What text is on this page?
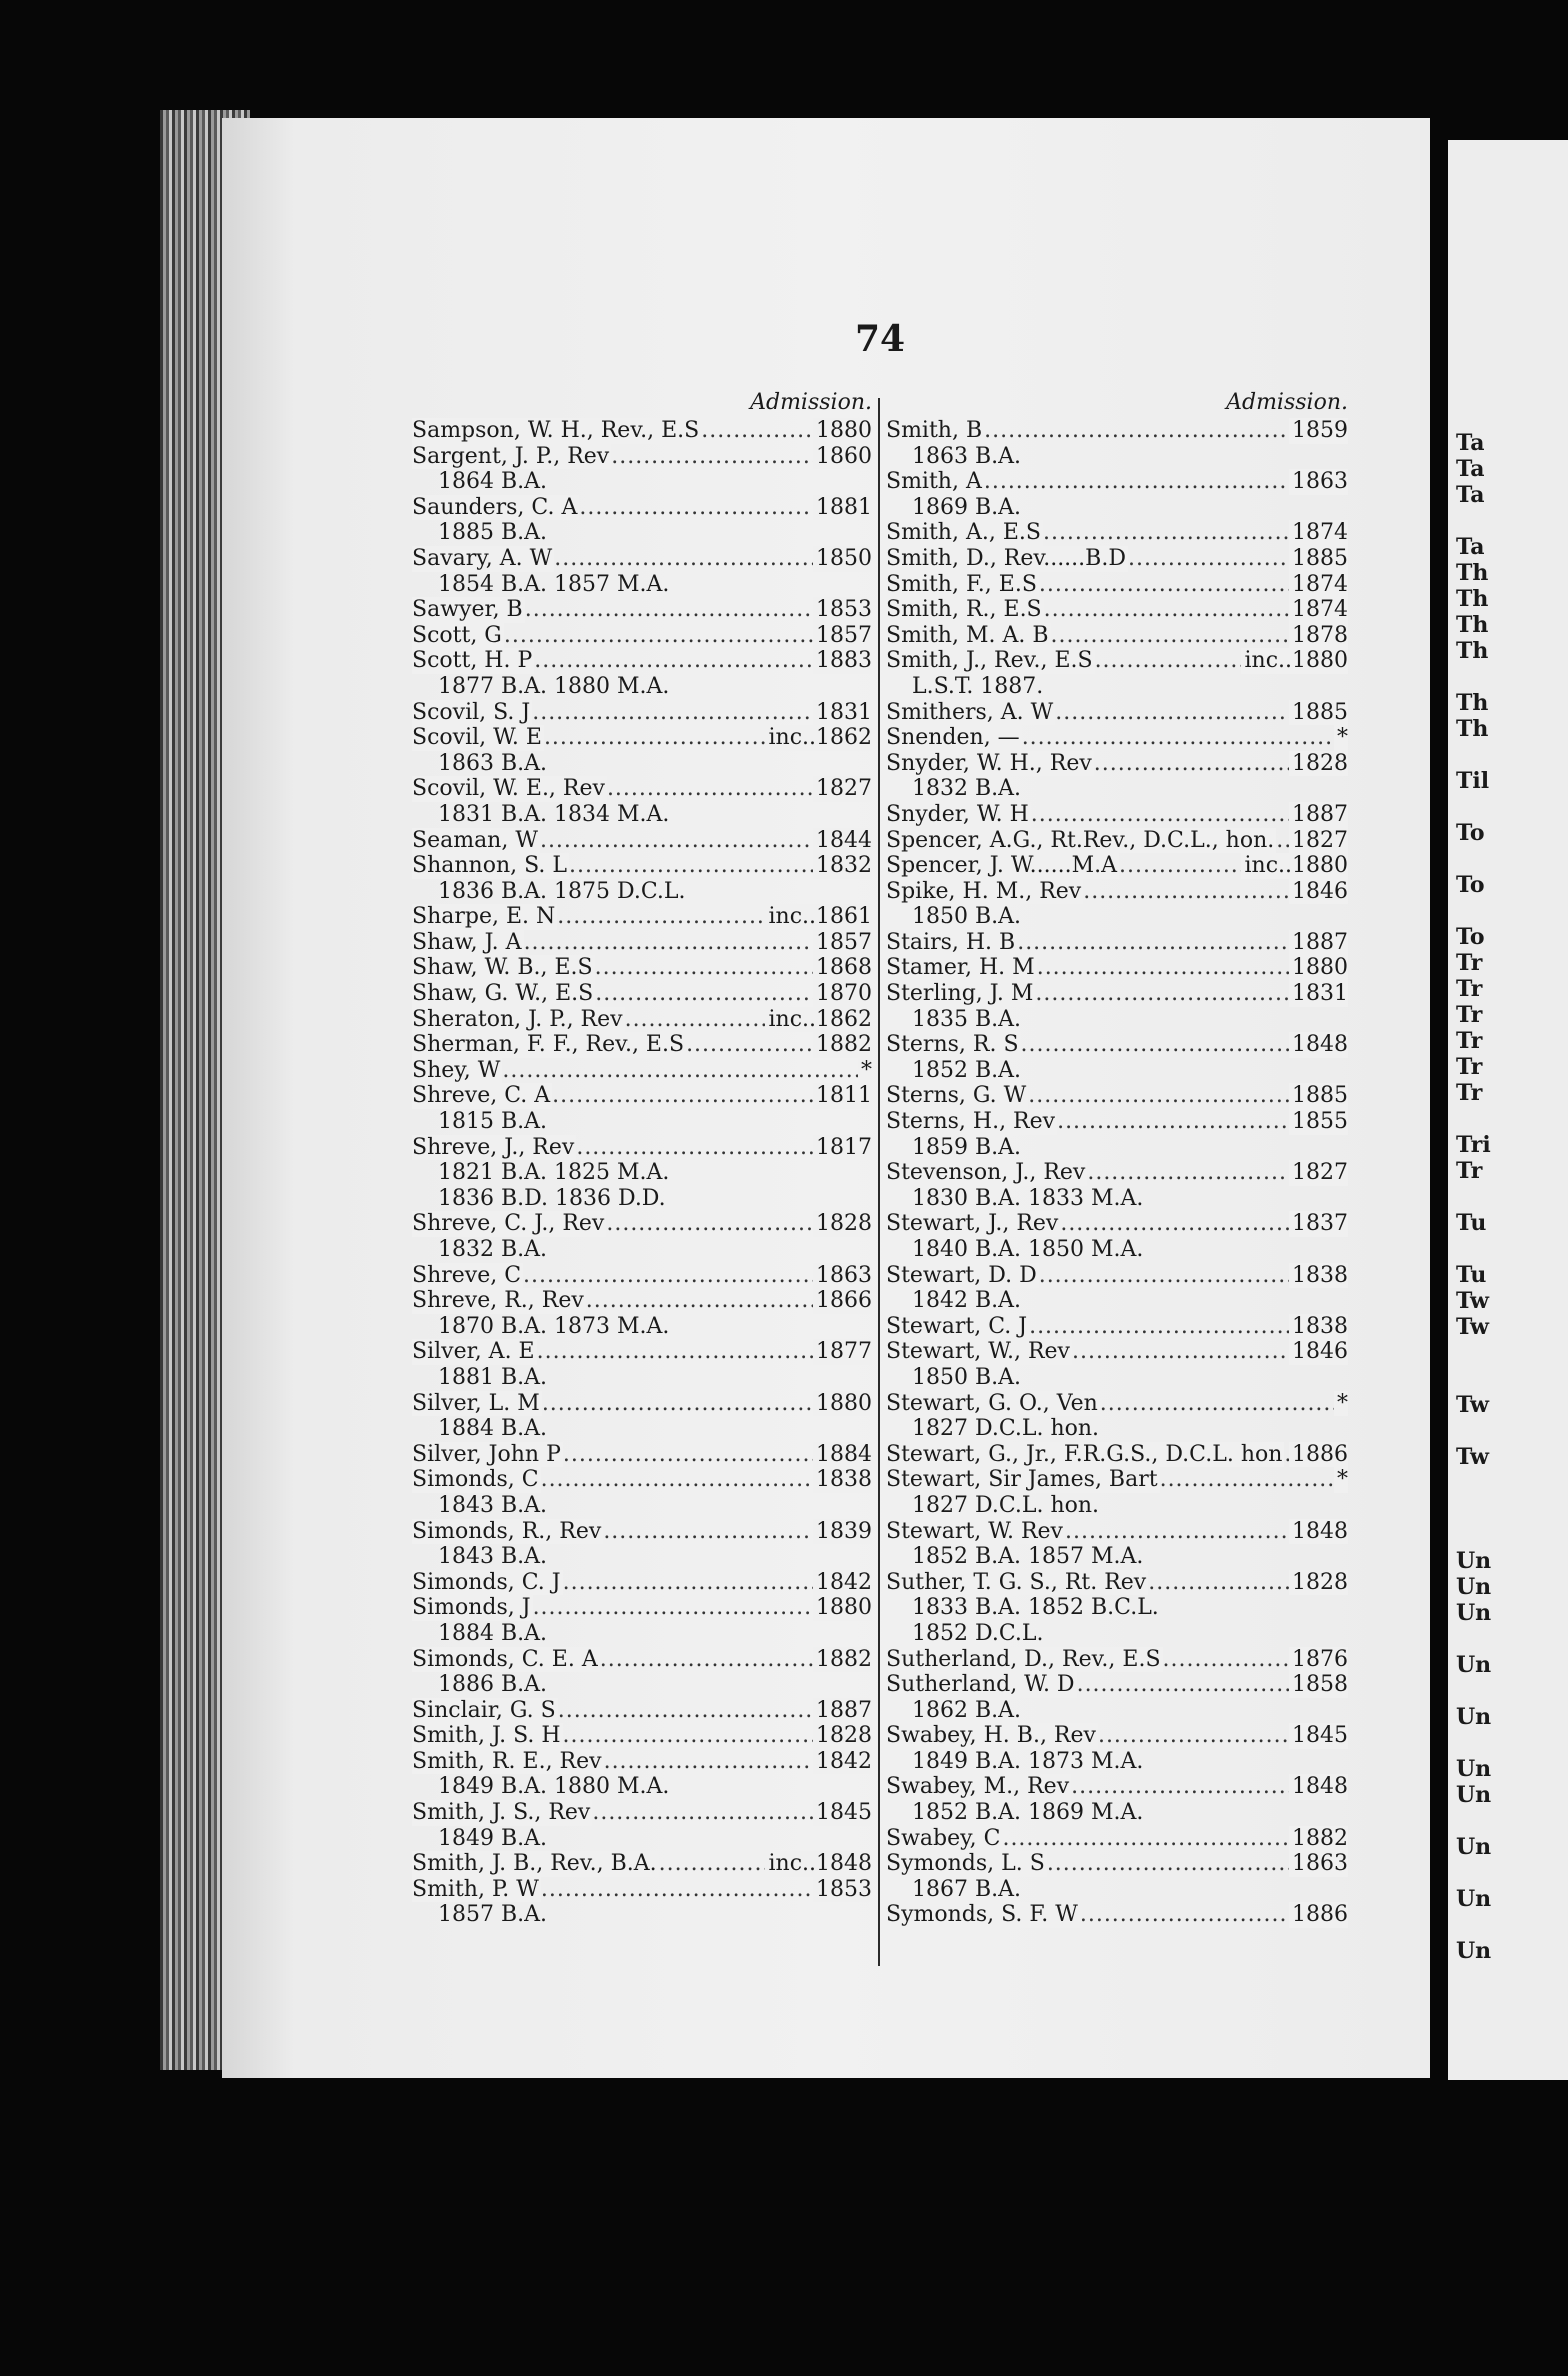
Ta
Ta
Ta
Ta
Th
Th
Th
Th
Th
Th
Til
To
To
To
Tr
Tr
Tr
Tr
Tr
Tr
Tri
Tr
Tu
Tu
Tw
Tw
Tw
Tw
Un
Un
Un
Un
Un
Un
Un
Un
Un
Un
74
Admission.
Sampson, W. H., Rev., E.S . . .	1880
Sargent, J. P., Rev . . .	1860
1864 B.A.
Saunders, C. A . . .	1881
1885 B.A.
Savary, A. W . . .	1850
1854 B.A. 1857 M.A.
Sawyer, B . . .	1853
Scott, G . . .	1857
Scott, H. P . . .	1883
1877 B.A. 1880 M.A.
Scovil, S. J . . .	1831
Scovil, W. E . . .	inc..1862
1863 B.A.
Scovil, W. E., Rev . . .	1827
1831 B.A. 1834 M.A.
Seaman, W . . .	1844
Shannon, S. L . . .	1832
1836 B.A. 1875 D.C.L.
Sharpe, E. N . . .	inc..1861
Shaw, J. A . . .	1857
Shaw, W. B., E.S . . .	1868
Shaw, G. W., E.S . . .	1870
Sheraton, J. P., Rev . . .	inc..1862
Sherman, F. F., Rev., E.S . . .	1882
Shey, W . . .	*
Shreve, C. A . . .	1811
1815 B.A.
Shreve, J., Rev . . .	1817
1821 B.A. 1825 M.A.
1836 B.D. 1836 D.D.
Shreve, C. J., Rev . . .	1828
1832 B.A.
Shreve, C . . .	1863
Shreve, R., Rev . . .	1866
1870 B.A. 1873 M.A.
Silver, A. E . . .	1877
1881 B.A.
Silver, L. M . . .	1880
1884 B.A.
Silver, John P . . .	1884
Simonds, C . . .	1838
1843 B.A.
Simonds, R., Rev . . .	1839
1843 B.A.
Simonds, C. J . . .	1842
Simonds, J . . .	1880
1884 B.A.
Simonds, C. E. A . . .	1882
1886 B.A.
Sinclair, G. S . . .	1887
Smith, J. S. H . . .	1828
Smith, R. E., Rev . . .	1842
1849 B.A. 1880 M.A.
Smith, J. S., Rev . . .	1845
1849 B.A.
Smith, J. B., Rev., B.A. . . .	inc..1848
Smith, P. W . . .	1853
1857 B.A.
Admission.
Smith, B . . .	1859
1863 B.A.
Smith, A . . .	1863
1869 B.A.
Smith, A., E.S . . .	1874
Smith, D., Rev......B.D . . .	1885
Smith, F., E.S . . .	1874
Smith, R., E.S . . .	1874
Smith, M. A. B . . .	1878
Smith, J., Rev., E.S . . .	inc..1880
L.S.T. 1887.
Smithers, A. W . . .	1885
Snenden, — . . .	*
Snyder, W. H., Rev . . .	1828
1832 B.A.
Snyder, W. H . . .	1887
Spencer, A.G., Rt.Rev., D.C.L., hon. . . . 1827
Spencer, J. W......M.A . . .	inc..1880
Spike, H. M., Rev . . .	1846
1850 B.A.
Stairs, H. B . . .	1887
Stamer, H. M . . .	1880
Sterling, J. M . . .	1831
1835 B.A.
Sterns, R. S . . .	1848
1852 B.A.
Sterns, G. W . . .	1885
Sterns, H., Rev . . .	1855
1859 B.A.
Stevenson, J., Rev . . .	1827
1830 B.A. 1833 M.A.
Stewart, J., Rev . . .	1837
1840 B.A. 1850 M.A.
Stewart, D. D . . .	1838
1842 B.A.
Stewart, C. J . . .	1838
Stewart, W., Rev . . .	1846
1850 B.A.
Stewart, G. O., Ven . . .	*
1827 D.C.L. hon.
Stewart, G., Jr., F.R.G.S., D.C.L. hon . . . 1886
Stewart, Sir James, Bart . . .	*
1827 D.C.L. hon.
Stewart, W. Rev . . .	1848
1852 B.A. 1857 M.A.
Suther, T. G. S., Rt. Rev . . .	1828
1833 B.A. 1852 B.C.L.
1852 D.C.L.
Sutherland, D., Rev., E.S . . .	1876
Sutherland, W. D . . .	1858
1862 B.A.
Swabey, H. B., Rev . . .	1845
1849 B.A. 1873 M.A.
Swabey, M., Rev . . .	1848
1852 B.A. 1869 M.A.
Swabey, C . . .	1882
Symonds, L. S . . .	1863
1867 B.A.
Symonds, S. F. W . . .	1886
